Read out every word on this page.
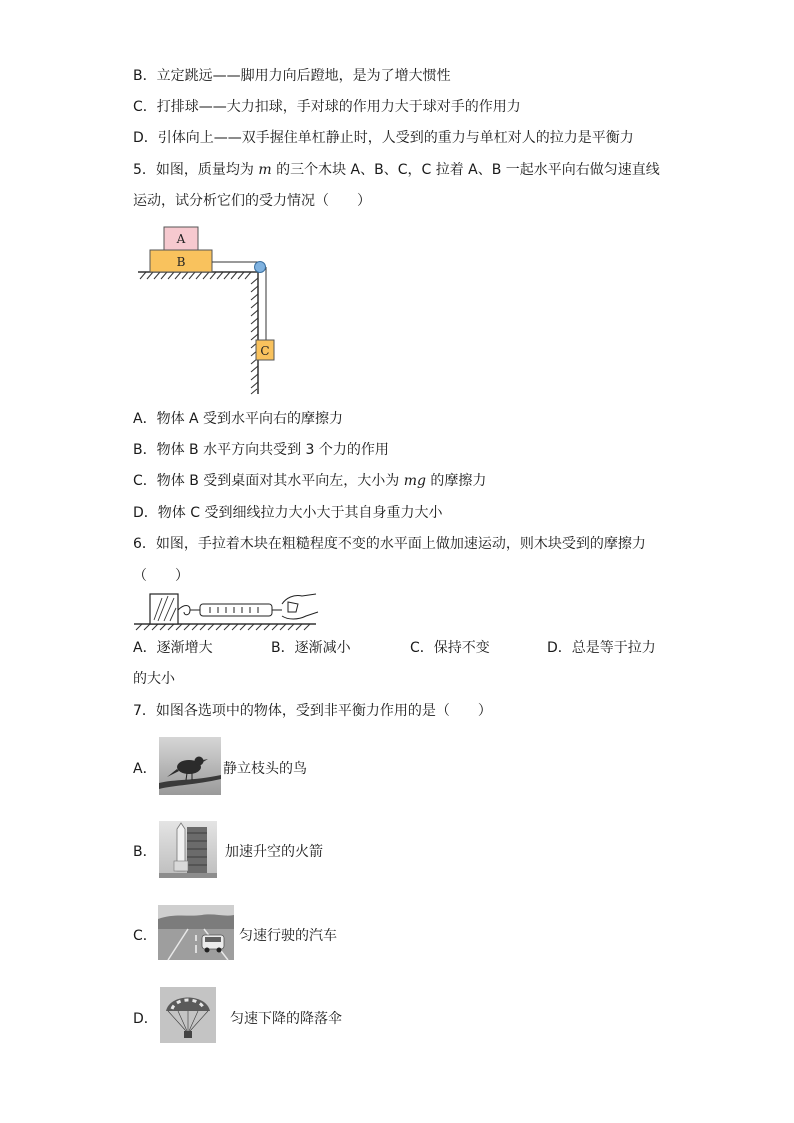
B．立定跳远——脚用力向后蹬地，是为了增大惯性
C．打排球——大力扣球，手对球的作用力大于球对手的作用力
D．引体向上——双手握住单杠静止时，人受到的重力与单杠对人的拉力是平衡力
5．如图，质量均为 m 的三个木块 A、B、C，C 拉着 A、B 一起水平向右做匀速直线
运动，试分析它们的受力情况（　　）
A
B
C
A．物体 A 受到水平向右的摩擦力
B．物体 B 水平方向共受到 3 个力的作用
C．物体 B 受到桌面对其水平向左，大小为 mg 的摩擦力
D．物体 C 受到细线拉力大小大于其自身重力大小
6．如图，手拉着木块在粗糙程度不变的水平面上做加速运动，则木块受到的摩擦力
（　　）
A．逐渐增大	B．逐渐减小	C．保持不变	D．总是等于拉力
的大小
7．如图各选项中的物体，受到非平衡力作用的是（　　）
A．	静立枝头的鸟
B．	加速升空的火箭
C．	匀速行驶的汽车
D．	匀速下降的降落伞
